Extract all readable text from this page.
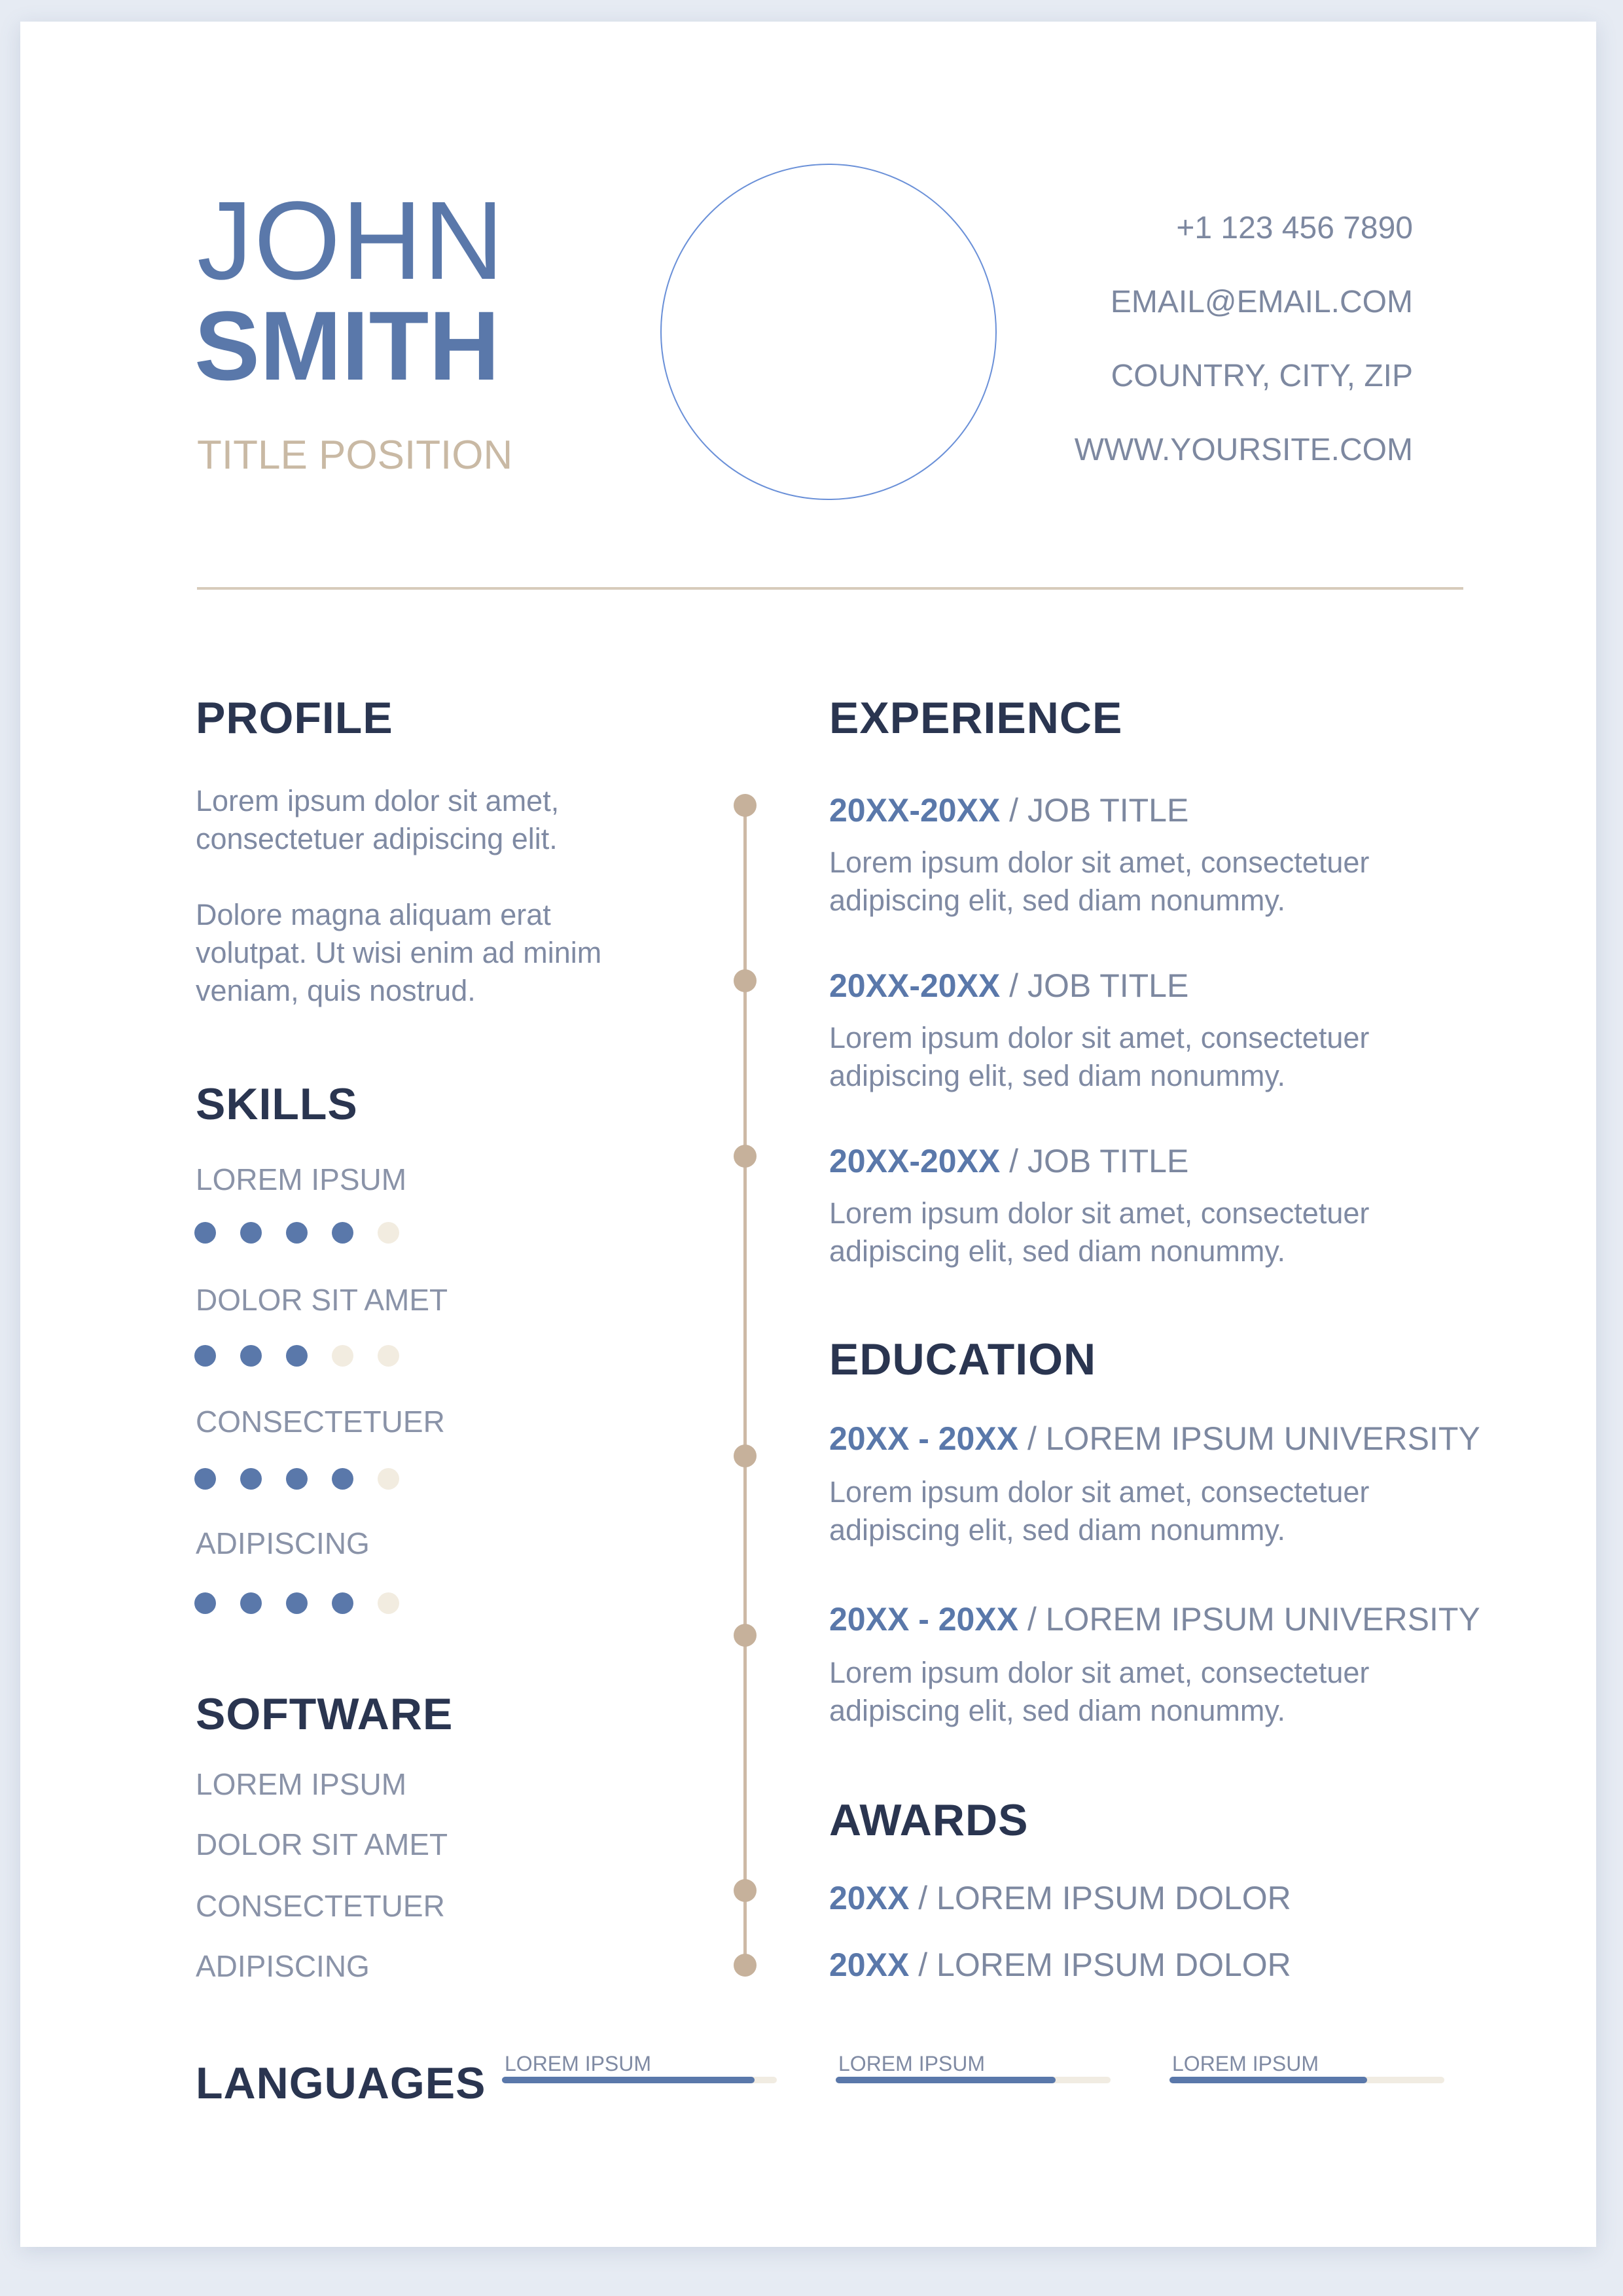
JOHN
SMITH
TITLE POSITION
+1 123 456 7890
EMAIL@EMAIL.COM
COUNTRY, CITY, ZIP
WWW.YOURSITE.COM
PROFILE
Lorem ipsum dolor sit amet,
consectetuer adipiscing elit.
Dolore magna aliquam erat
volutpat. Ut wisi enim ad minim
veniam, quis nostrud.
SKILLS
LOREM IPSUM
DOLOR SIT AMET
CONSECTETUER
ADIPISCING
SOFTWARE
LOREM IPSUM
DOLOR SIT AMET
CONSECTETUER
ADIPISCING
EXPERIENCE
20XX-20XX / JOB TITLE
Lorem ipsum dolor sit amet, consectetuer
adipiscing elit, sed diam nonummy.
20XX-20XX / JOB TITLE
Lorem ipsum dolor sit amet, consectetuer
adipiscing elit, sed diam nonummy.
20XX-20XX / JOB TITLE
Lorem ipsum dolor sit amet, consectetuer
adipiscing elit, sed diam nonummy.
EDUCATION
20XX - 20XX / LOREM IPSUM UNIVERSITY
Lorem ipsum dolor sit amet, consectetuer
adipiscing elit, sed diam nonummy.
20XX - 20XX / LOREM IPSUM UNIVERSITY
Lorem ipsum dolor sit amet, consectetuer
adipiscing elit, sed diam nonummy.
AWARDS
20XX / LOREM IPSUM DOLOR
20XX / LOREM IPSUM DOLOR
LANGUAGES LOREM IPSUM	LOREM IPSUM	LOREM IPSUM
